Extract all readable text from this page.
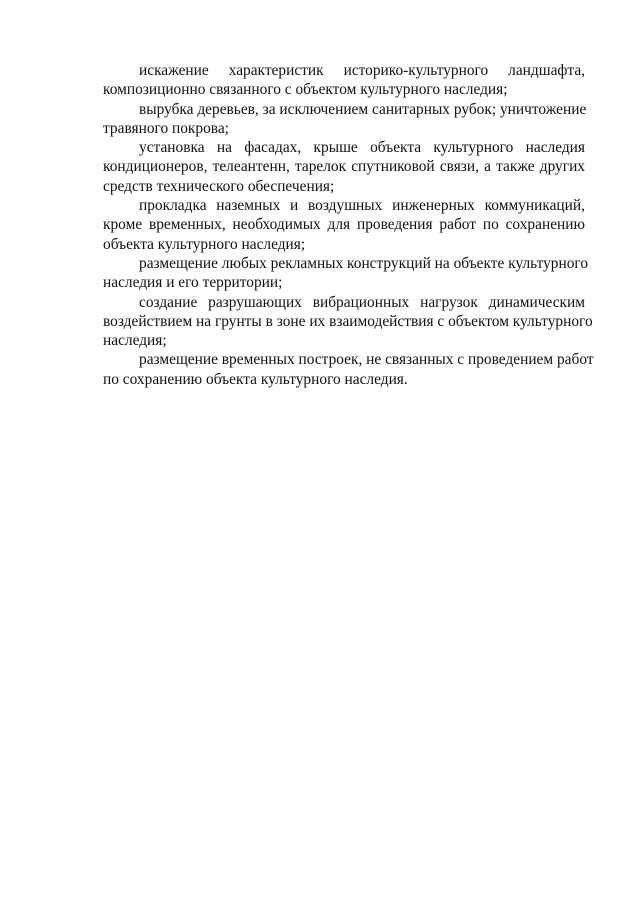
искажение характеристик историко-культурного ландшафта,
композиционно связанного с объектом культурного наследия;
вырубка деревьев, за исключением санитарных рубок; уничтожение
травяного покрова;
установка на фасадах, крыше объекта культурного наследия
кондиционеров, телеантенн, тарелок спутниковой связи, а также других
средств технического обеспечения;
прокладка наземных и воздушных инженерных коммуникаций,
кроме временных, необходимых для проведения работ по сохранению
объекта культурного наследия;
размещение любых рекламных конструкций на объекте культурного
наследия и его территории;
создание разрушающих вибрационных нагрузок динамическим
воздействием на грунты в зоне их взаимодействия с объектом культурного
наследия;
размещение временных построек, не связанных с проведением работ
по сохранению объекта культурного наследия.
